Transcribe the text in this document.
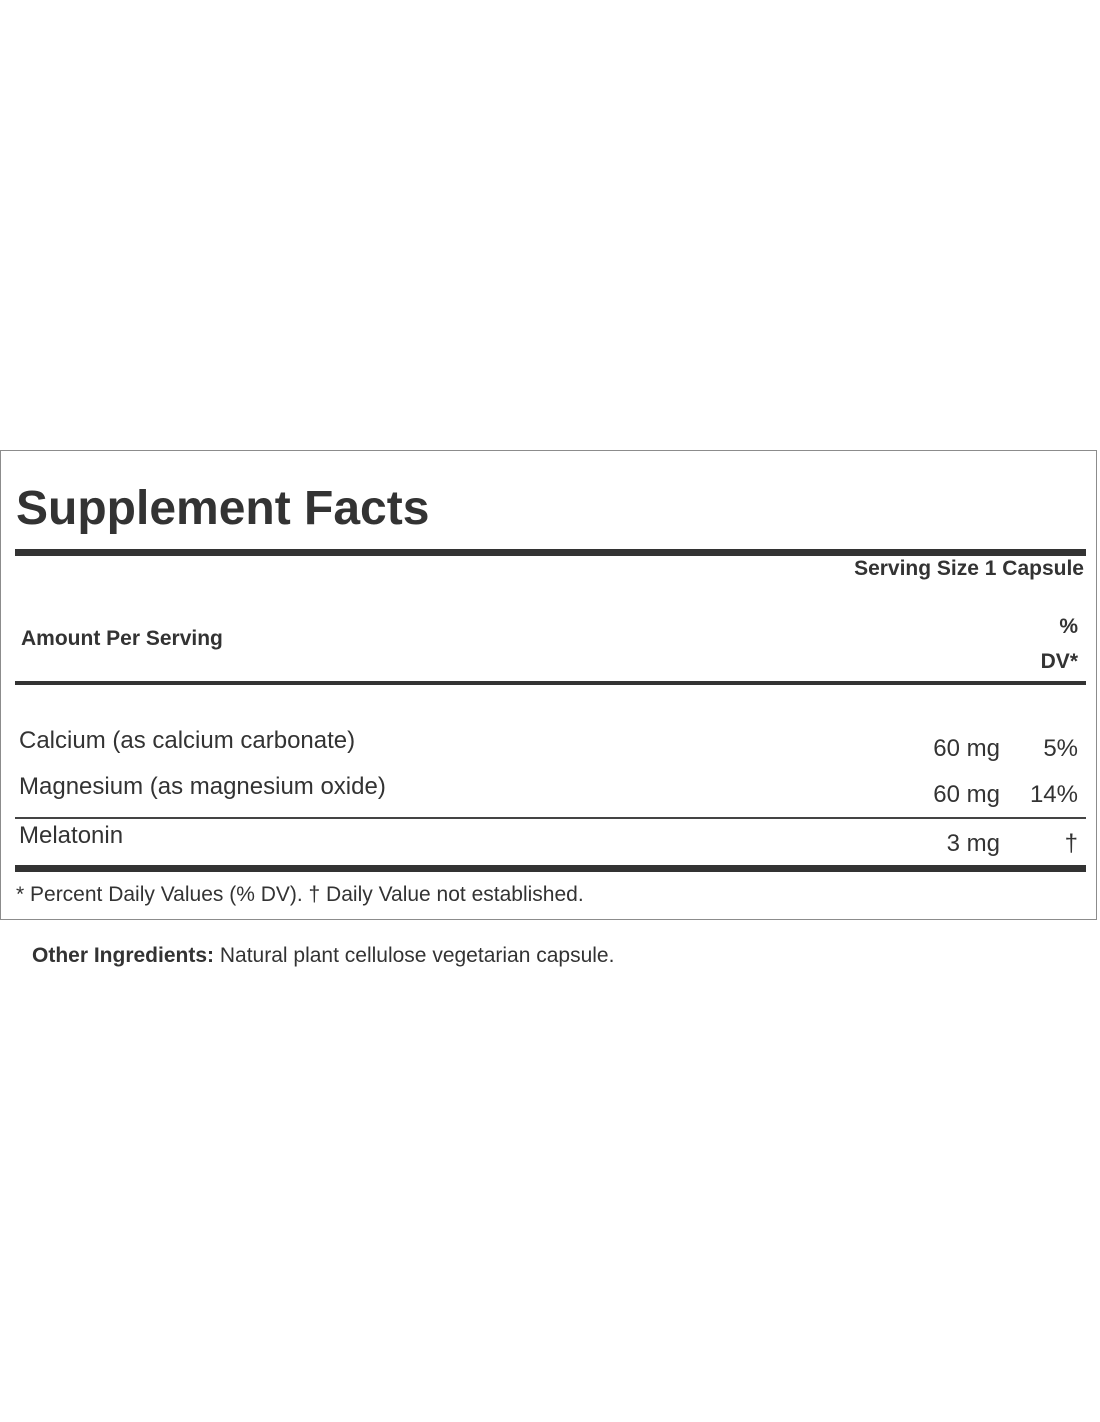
Supplement Facts
Serving Size 1 Capsule
Amount Per Serving
%
DV*
Calcium (as calcium carbonate)	60 mg 5%
Magnesium (as magnesium oxide)	60 mg 14%
Melatonin	3 mg	†
* Percent Daily Values (% DV). † Daily Value not established.
Other Ingredients: Natural plant cellulose vegetarian capsule.
